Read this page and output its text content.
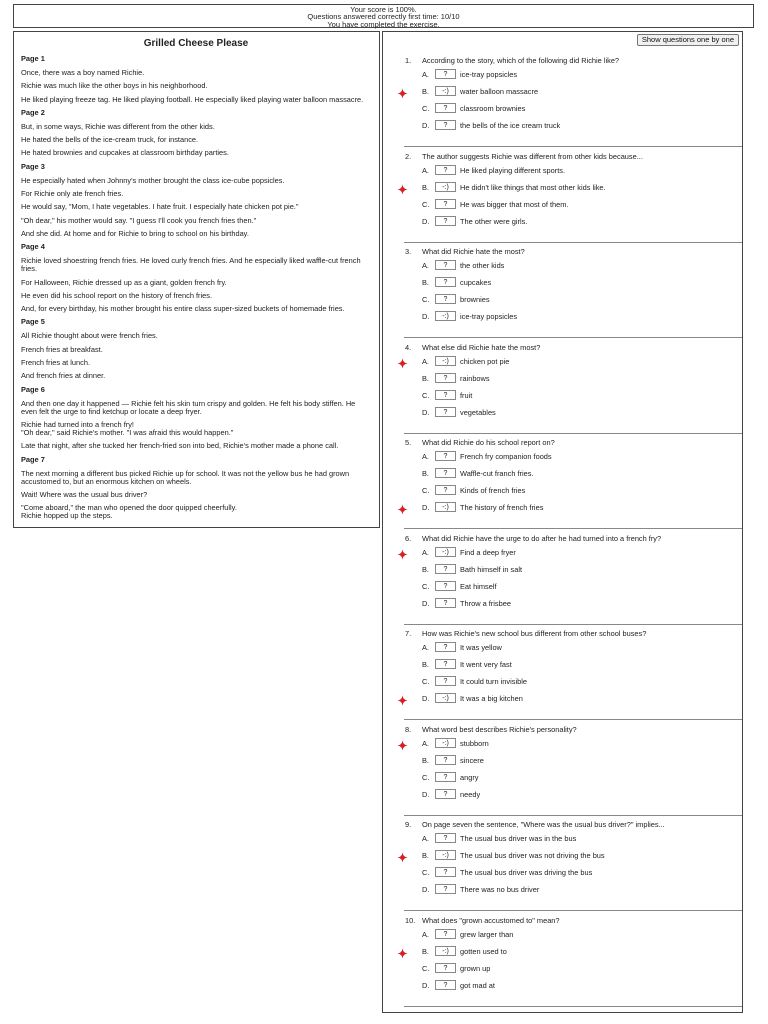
Your score is 100%.
Questions answered correctly first time: 10/10
You have completed the exercise.
Grilled Cheese Please
Page 1
Once, there was a boy named Richie.
Richie was much like the other boys in his neighborhood.
He liked playing freeze tag. He liked playing football. He especially liked playing water balloon massacre.
Page 2
But, in some ways, Richie was different from the other kids.
He hated the bells of the ice-cream truck, for instance.
He hated brownies and cupcakes at classroom birthday parties.
Page 3
He especially hated when Johnny's mother brought the class ice-cube popsicles.
For Richie only ate french fries.
He would say, "Mom, I hate vegetables. I hate fruit. I especially hate chicken pot pie."
"Oh dear," his mother would say. "I guess I'll cook you french fries then."
And she did. At home and for Richie to bring to school on his birthday.
Page 4
Richie loved shoestring french fries. He loved curly french fries. And he especially liked waffle-cut french fries.
For Halloween, Richie dressed up as a giant, golden french fry.
He even did his school report on the history of french fries.
And, for every birthday, his mother brought his entire class super-sized buckets of homemade fries.
Page 5
All Richie thought about were french fries.
French fries at breakfast.
French fries at lunch.
And french fries at dinner.
Page 6
And then one day it happened — Richie felt his skin turn crispy and golden. He felt his body stiffen. He even felt the urge to find ketchup or locate a deep fryer.
Richie had turned into a french fry!
"Oh dear," said Richie's mother. "I was afraid this would happen."
Late that night, after she tucked her french-fried son into bed, Richie's mother made a phone call.
Page 7
The next morning a different bus picked Richie up for school. It was not the yellow bus he had grown accustomed to, but an enormous kitchen on wheels.
Wait! Where was the usual bus driver?
"Come aboard," the man who opened the door quipped cheerfully.
Richie hopped up the steps.
Show questions one by one
1. According to the story, which of the following did Richie like?
A. ? ice-tray popsicles
B. -:) water balloon massacre
C. ? classroom brownies
D. ? the bells of the ice cream truck
2. The author suggests Richie was different from other kids because...
A. ? He liked playing different sports.
B. -:) He didn't like things that most other kids like.
C. ? He was bigger that most of them.
D. ? The other were girls.
3. What did Richie hate the most?
A. ? the other kids
B. ? cupcakes
C. ? brownies
D. -:) ice-tray popsicles
4. What else did Richie hate the most?
A. -:) chicken pot pie
B. ? rainbows
C. ? fruit
D. ? vegetables
5. What did Richie do his school report on?
A. ? French fry companion foods
B. ? Waffle-cut franch fries.
C. ? Kinds of french fries
D. -:) The history of french fries
6. What did Richie have the urge to do after he had turned into a french fry?
A. -:) Find a deep fryer
B. ? Bath himself in salt
C. ? Eat himself
D. ? Throw a frisbee
7. How was Richie's new school bus different from other school buses?
A. ? It was yellow
B. ? It went very fast
C. ? It could turn invisible
D. -:) It was a big kitchen
8. What word best describes Richie's personality?
A. -:) stubborn
B. ? sincere
C. ? angry
D. ? needy
9. On page seven the sentence, "Where was the usual bus driver?" implies...
A. ? The usual bus driver was in the bus
B. -:) The usual bus driver was not driving the bus
C. ? The usual bus driver was driving the bus
D. ? There was no bus driver
10. What does "grown accustomed to" mean?
A. ? grew larger than
B. -:) gotten used to
C. ? grown up
D. ? got mad at
